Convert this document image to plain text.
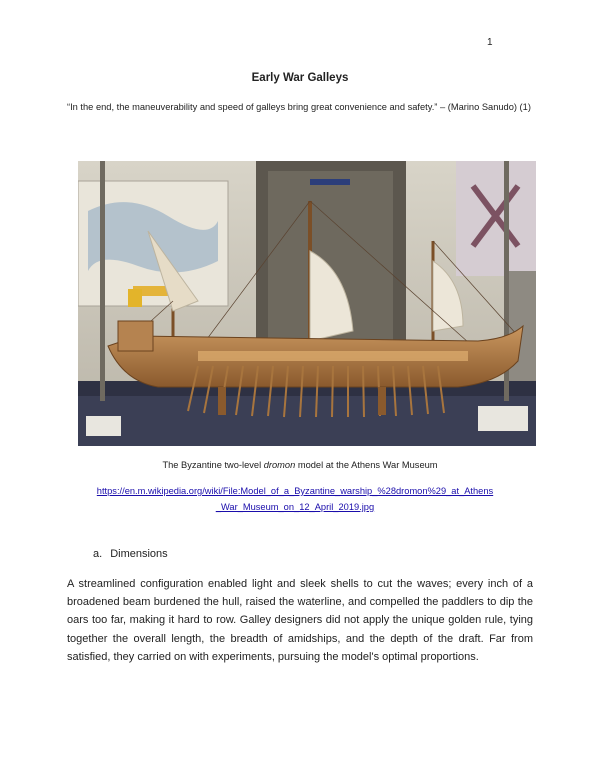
1
Early War Galleys
“In the end, the maneuverability and speed of galleys bring great convenience and safety.” – (Marino Sanudo) (1)
The Byzantine two-level dromon model at the Athens War Museum
https://en.m.wikipedia.org/wiki/File:Model_of_a_Byzantine_warship_%28dromon%29_at_Athens_War_Museum_on_12_April_2019.jpg
a. Dimensions
A streamlined configuration enabled light and sleek shells to cut the waves; every inch of a broadened beam burdened the hull, raised the waterline, and compelled the paddlers to dip the oars too far, making it hard to row. Galley designers did not apply the unique golden rule, tying together the overall length, the breadth of amidships, and the depth of the draft. Far from satisfied, they carried on with experiments, pursuing the model's optimal proportions.
